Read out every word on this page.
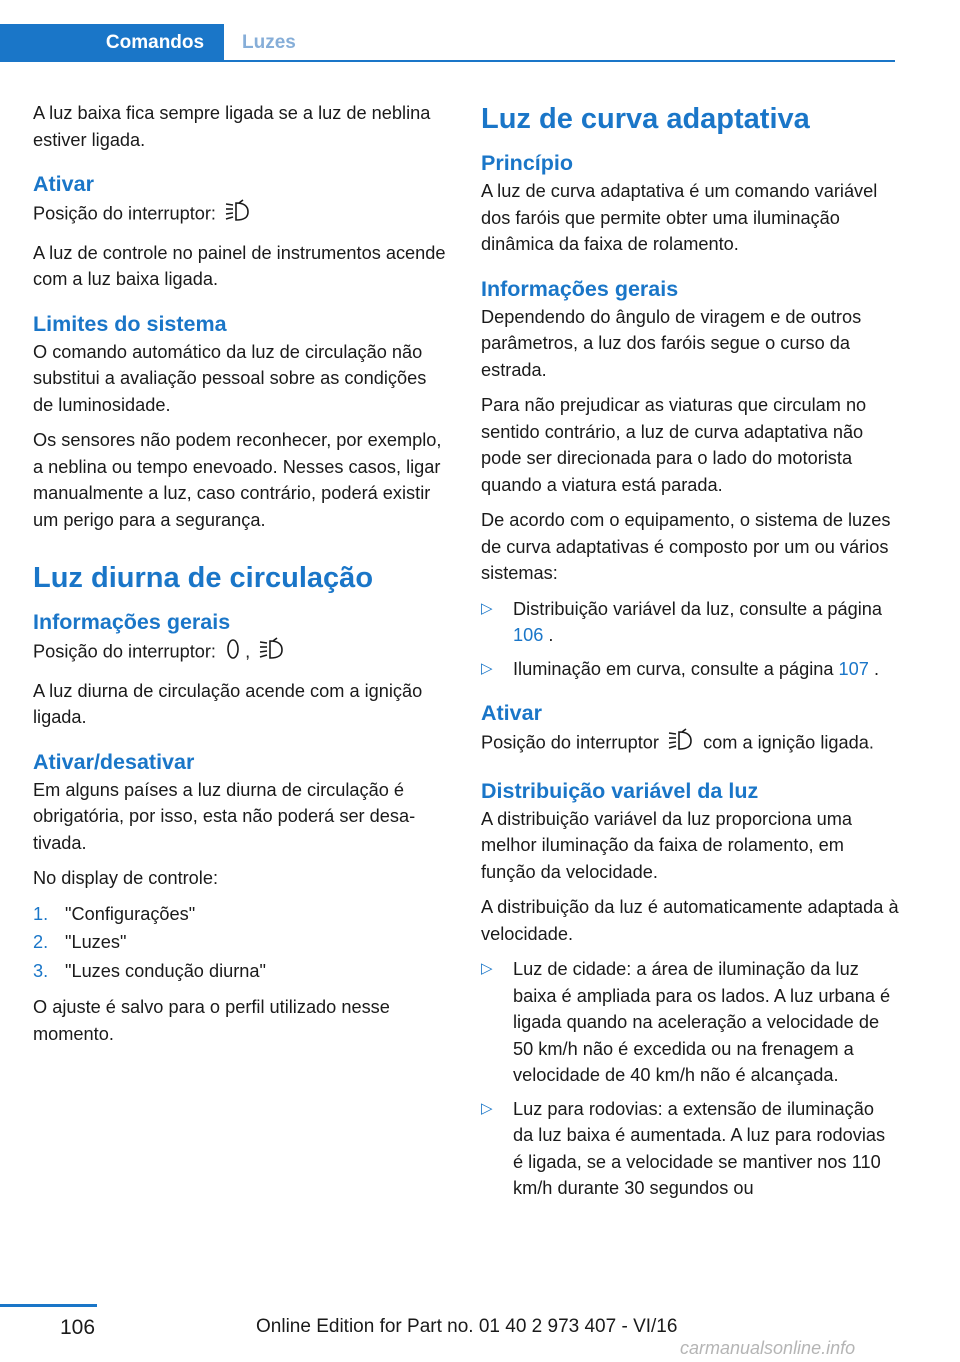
Comandos	Luzes

A luz baixa fica sempre ligada se a luz de neblina estiver ligada.

Ativar

Posição do interruptor:

A luz de controle no painel de instrumentos acende com a luz baixa ligada.

Limites do sistema

O comando automático da luz de circulação não substitui a avaliação pessoal sobre as condições de luminosidade.

Os sensores não podem reconhecer, por exemplo, a neblina ou tempo enevoado. Nesses casos, ligar manualmente a luz, caso contrário, poderá existir um perigo para a segurança.

Luz diurna de circulação
Informações gerais

Posição do interruptor: ,

A luz diurna de circulação acende com a ignição ligada.

Ativar/desativar

Em alguns países a luz diurna de circulação é obrigatória, por isso, esta não poderá ser desativada.

No display de controle:

1. "Configurações"
2. "Luzes"
3. "Luzes condução diurna"

O ajuste é salvo para o perfil utilizado nesse momento.

Luz de curva adaptativa
Princípio

A luz de curva adaptativa é um comando variável dos faróis que permite obter uma iluminação dinâmica da faixa de rolamento.

Informações gerais

Dependendo do ângulo de viragem e de outros parâmetros, a luz dos faróis segue o curso da estrada.

Para não prejudicar as viaturas que circulam no sentido contrário, a luz de curva adaptativa não pode ser direcionada para o lado do motorista quando a viatura está parada.

De acordo com o equipamento, o sistema de luzes de curva adaptativas é composto por um ou vários sistemas:

▷ Distribuição variável da luz, consulte a página 106 .
▷ Iluminação em curva, consulte a página 107 .
Ativar

Posição do interruptor com a ignição ligada.

Distribuição variável da luz

A distribuição variável da luz proporciona uma melhor iluminação da faixa de rolamento, em função da velocidade.

A distribuição da luz é automaticamente adaptada à velocidade.

▷ Luz de cidade: a área de iluminação da luz baixa é ampliada para os lados. A luz urbana é ligada quando na aceleração a velocidade de 50 km/h não é excedida ou na frenagem a velocidade de 40 km/h não é alcançada.
▷ Luz para rodovias: a extensão de iluminação da luz baixa é aumentada. A luz para rodovias é ligada, se a velocidade se mantiver nos 110 km/h durante 30 segundos ou
106	Online Edition for Part no. 01 40 2 973 407 - VI/16
carmanualsonline.info
